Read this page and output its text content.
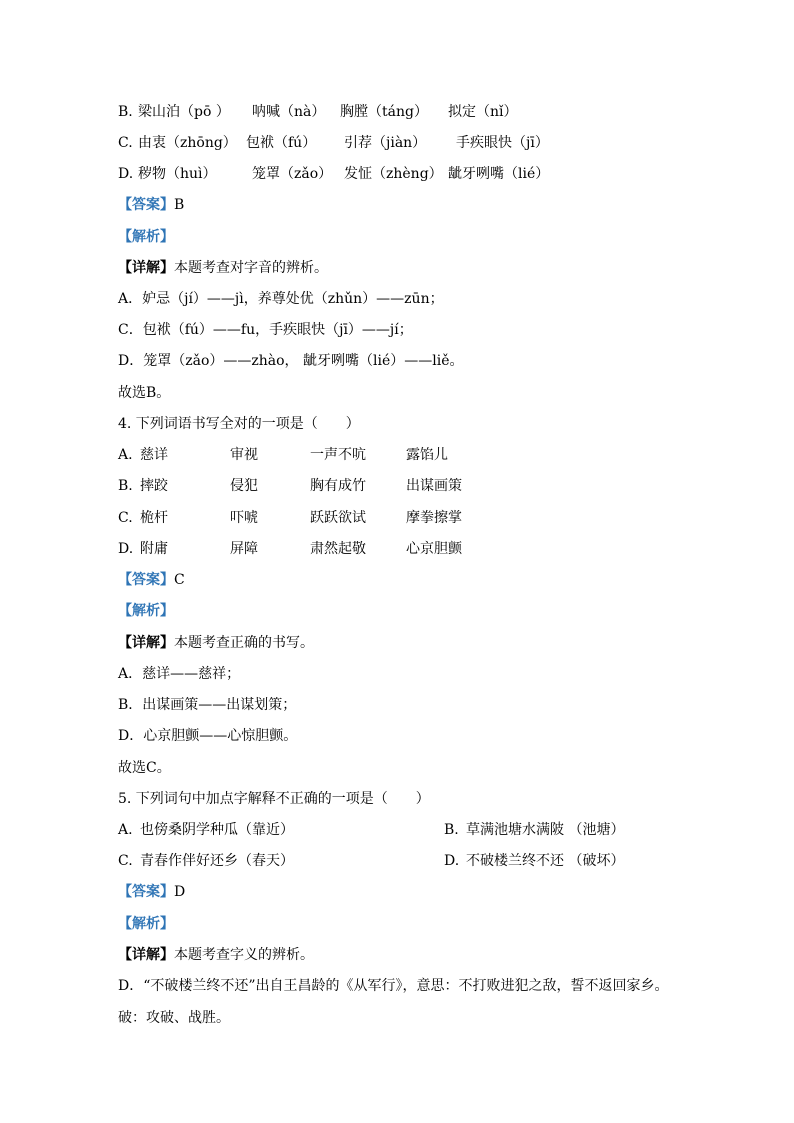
B. 梁山泊（pō ） 呐喊（nà） 胸膛（táng） 拟定（nǐ）
C. 由衷（zhōng） 包袱（fú） 引荐（jiàn） 手疾眼快（jī）
D. 秽物（huì）	笼罩（zǎo） 发怔（zhèng） 龇牙咧嘴（lié）
【答案】B
【解析】
【详解】本题考查对字音的辨析。
A．妒忌（jí）——jì，养尊处优（zhǔn）——zūn；
C．包袱（fú）——fu，手疾眼快（jī）——jí；
D．笼罩（zǎo）——zhào， 龇牙咧嘴（lié）——liě。
故选B。
4. 下列词语书写全对的一项是（　　）
A. 慈详	审视	一声不吭	露馅儿
B. 摔跤	侵犯	胸有成竹	出谋画策
C. 桅杆	吓唬	跃跃欲试	摩拳擦掌
D. 附庸	屏障	肃然起敬	心京胆颤
【答案】C
【解析】
【详解】本题考查正确的书写。
A．慈详——慈祥；
B．出谋画策——出谋划策；
D．心京胆颤——心惊胆颤。
故选C。
5. 下列词句中加点字解释不正确的一项是（　　）
A. 也傍桑阴学种瓜（靠近）	B. 草满池塘水满陂 （池塘）
C. 青春作伴好还乡（春天）	D. 不破楼兰终不还 （破坏）
【答案】D
【解析】
【详解】本题考查字义的辨析。
D．“不破楼兰终不还”出自王昌龄的《从军行》，意思：不打败进犯之敌，誓不返回家乡。
破：攻破、战胜。
